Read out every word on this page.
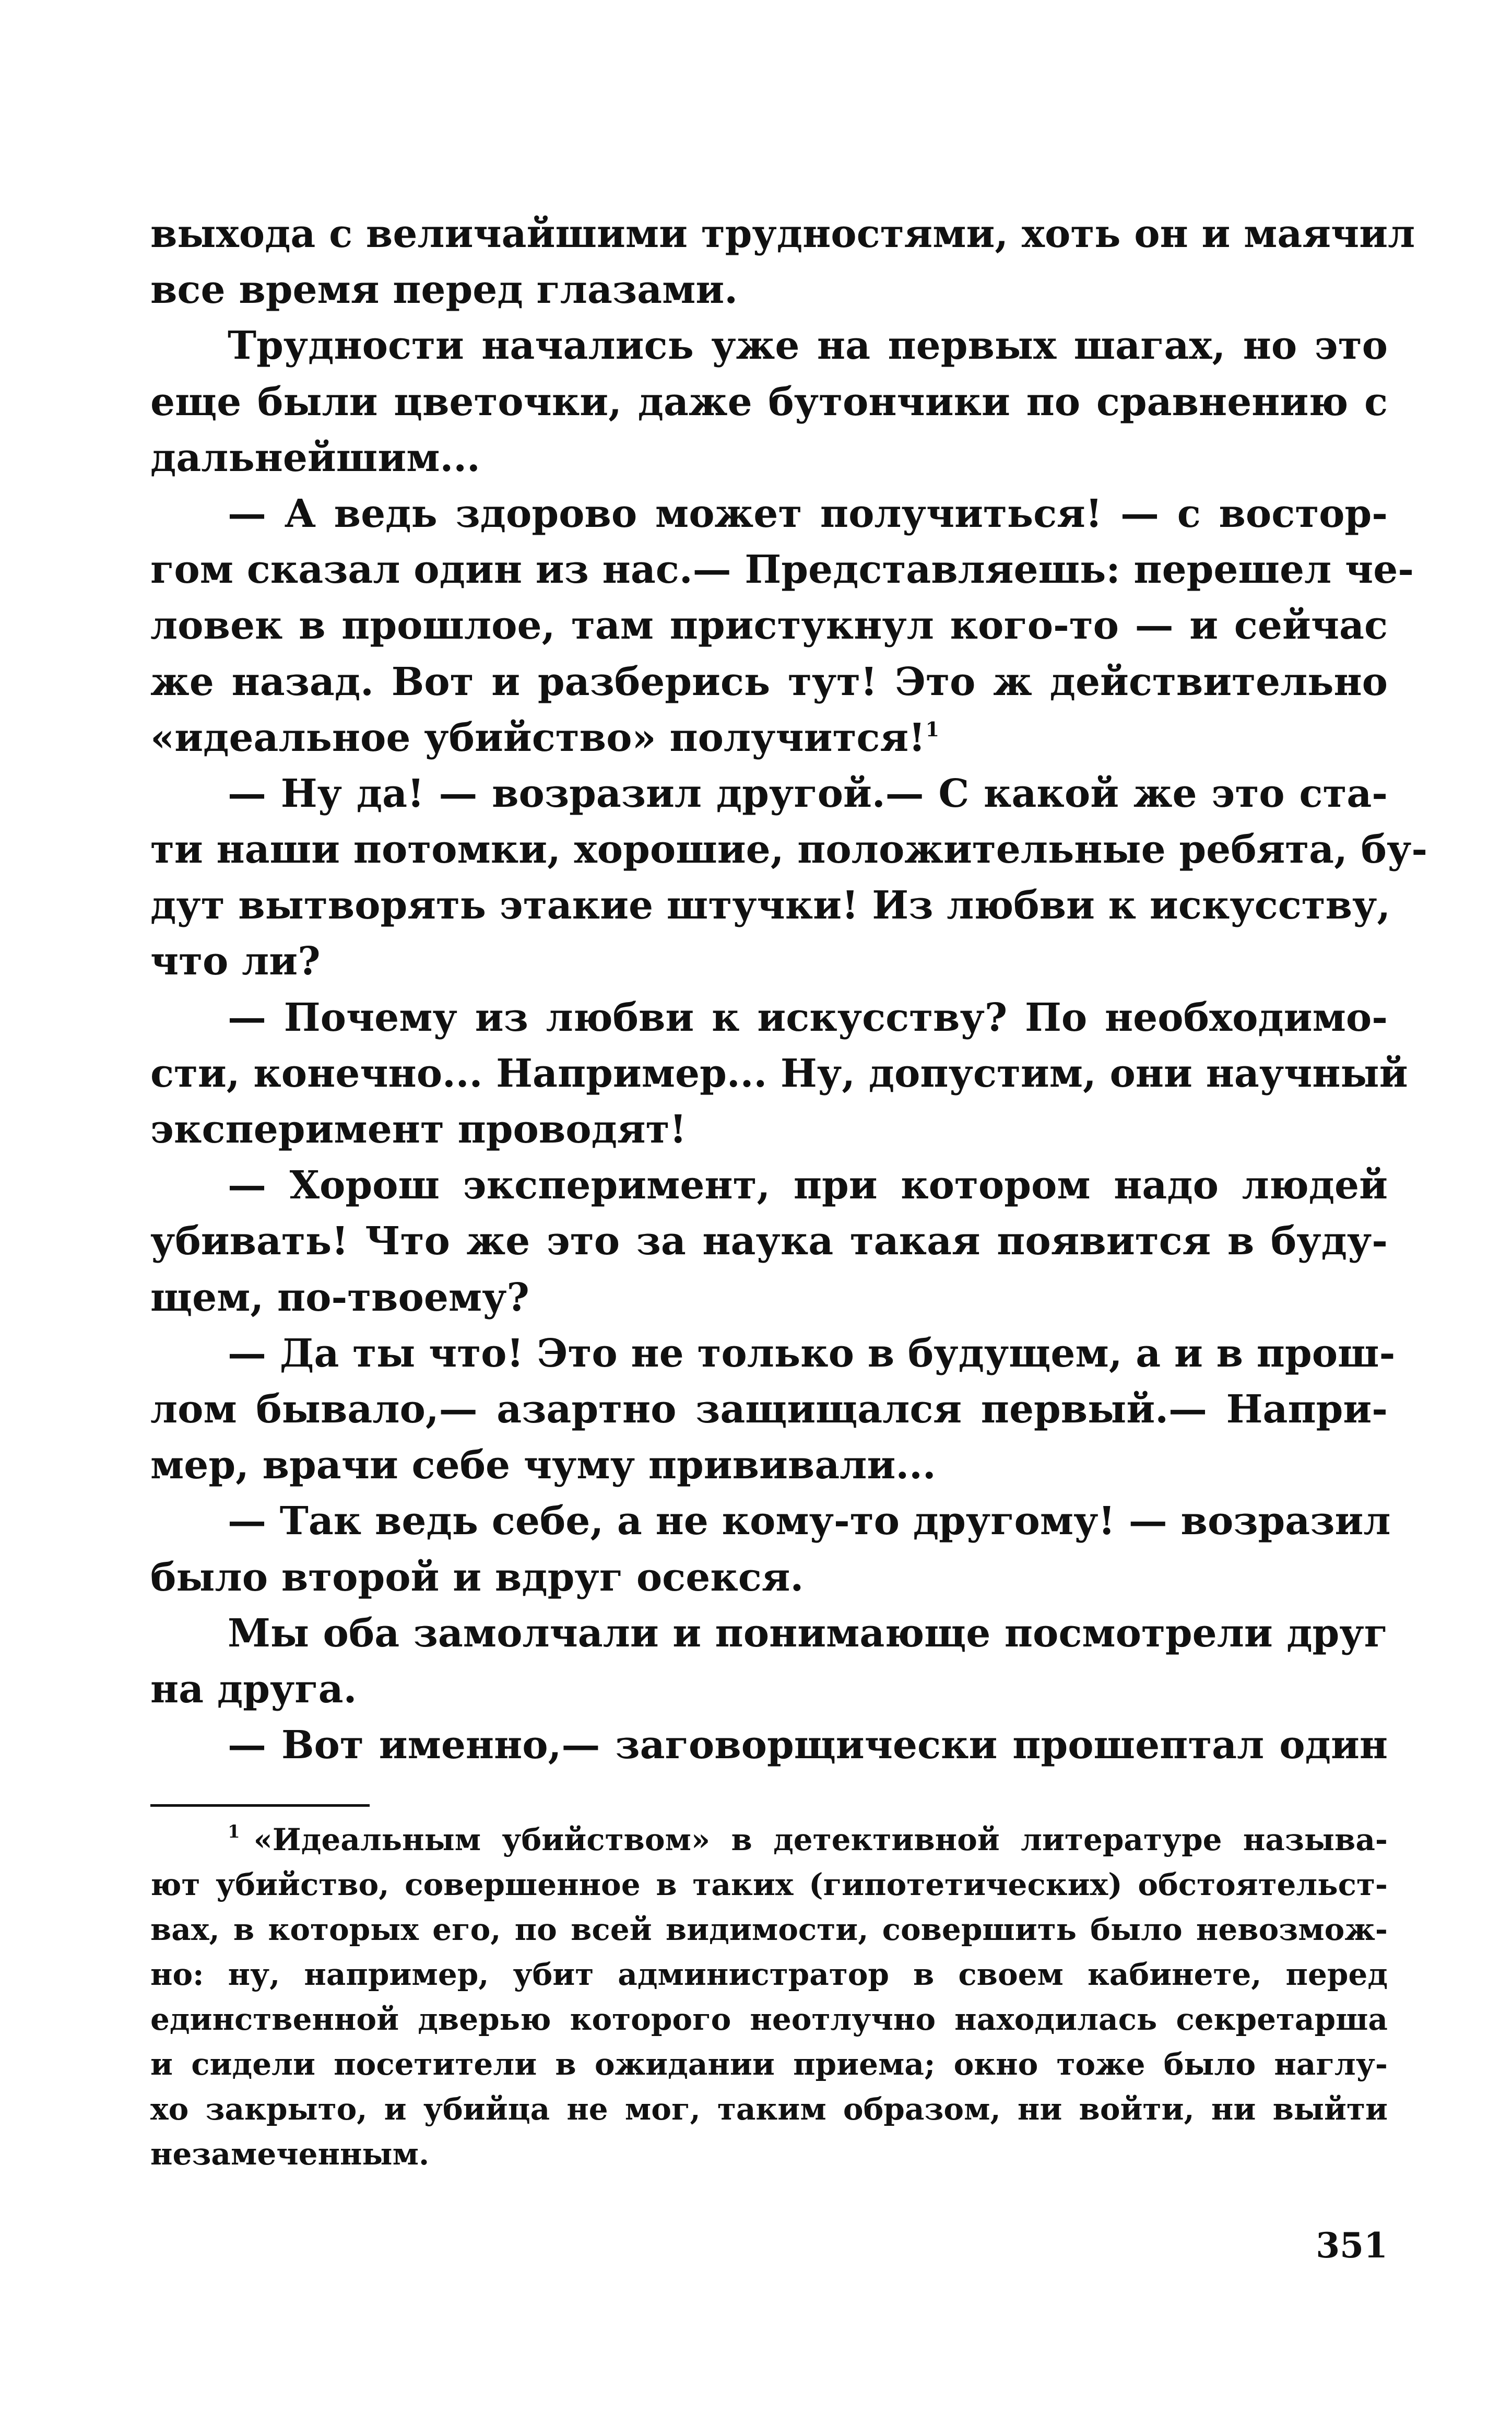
выхода с величайшими трудностями, хоть он и маячил
все время перед глазами.
Трудности начались уже на первых шагах, но это
еще были цветочки, даже бутончики по сравнению с
дальнейшим...
— А ведь здорово может получиться! — с востор-
гом сказал один из нас.— Представляешь: перешел че-
ловек в прошлое, там пристукнул кого-то — и сейчас
же назад. Вот и разберись тут! Это ж действительно
«идеальное убийство» получится!$^1$
— Ну да! — возразил другой.— С какой же это ста-
ти наши потомки, хорошие, положительные ребята, бу-
дут вытворять этакие штучки! Из любви к искусству,
что ли?
— Почему из любви к искусству? По необходимо-
сти, конечно... Например... Ну, допустим, они научный
эксперимент проводят!
— Хорош эксперимент, при котором надо людей
убивать! Что же это за наука такая появится в буду-
щем, по-твоему?
— Да ты что! Это не только в будущем, а и в прош-
лом бывало,— азартно защищался первый.— Напри-
мер, врачи себе чуму прививали...
— Так ведь себе, а не кому-то другому! — возразил
было второй и вдруг осекся.
Мы оба замолчали и понимающе посмотрели друг
на друга.
— Вот именно,— заговорщически прошептал один
$^1$ «Идеальным убийством» в детективной литературе называ-
ют убийство, совершенное в таких (гипотетических) обстоятельст-
вах, в которых его, по всей видимости, совершить было невозмож-
но: ну, например, убит администратор в своем кабинете, перед
единственной дверью которого неотлучно находилась секретарша
и сидели посетители в ожидании приема; окно тоже было наглу-
хо закрыто, и убийца не мог, таким образом, ни войти, ни выйти
незамеченным.
351
